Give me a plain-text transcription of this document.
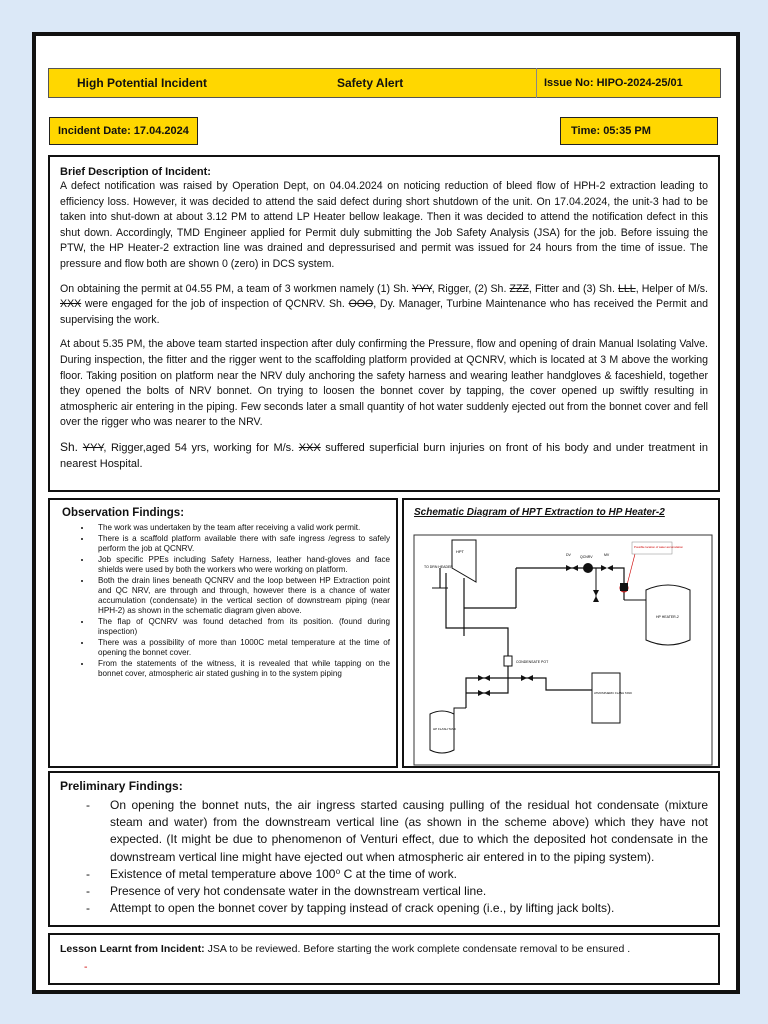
High Potential Incident	Safety Alert	Issue No: HIPO-2024-25/01
Incident Date: 17.04.2024	Time: 05:35 PM
Brief Description of Incident:

A defect notification was raised by Operation Dept, on 04.04.2024 on noticing reduction of bleed flow of HPH-2 extraction leading to efficiency loss. However, it was decided to attend the said defect during short shutdown of the unit. On 17.04.2024, the unit-3 had to be taken into shut-down at about 3.12 PM to attend LP Heater bellow leakage. Then it was decided to attend the notification defect in this shut down. Accordingly, TMD Engineer applied for Permit duly submitting the Job Safety Analysis (JSA) for the job. Before issuing the PTW, the HP Heater-2 extraction line was drained and depressurised and permit was issued for 24 hours from the time of issue. The pressure and flow both are shown 0 (zero) in DCS system.

On obtaining the permit at 04.55 PM, a team of 3 workmen namely (1) Sh. YYY, Rigger, (2) Sh. ZZZ, Fitter and (3) Sh. LLL, Helper of M/s. XXX were engaged for the job of inspection of QCNRV. Sh. OOO, Dy. Manager, Turbine Maintenance who has received the Permit and supervising the work.

At about 5.35 PM, the above team started inspection after duly confirming the Pressure, flow and opening of drain Manual Isolating Valve. During inspection, the fitter and the rigger went to the scaffolding platform provided at QCNRV, which is located at 3 M above the working floor. Taking position on platform near the NRV duly anchoring the safety harness and wearing leather handgloves & faceshield, together they opened the bolts of NRV bonnet. On trying to loosen the bonnet cover by tapping, the cover opened up swiftly resulting in atmospheric air entering in the piping. Few seconds later a small quantity of hot water suddenly ejected out from the bonnet cover and fell over the rigger who was nearer to the NRV.

Sh. YYY, Rigger,aged 54 yrs, working for M/s. XXX suffered superficial burn injuries on front of his body and under treatment in nearest Hospital.

Observation Findings:
• The work was undertaken by the team after receiving a valid work permit.
• There is a scaffold platform available there with safe ingress /egress to safely perform the job at QCNRV.
• Job specific PPEs including Safety Harness, leather hand-gloves and face shields were used by both the workers who were working on platform.
• Both the drain lines beneath QCNRV and the loop between HP Extraction point and QC NRV, are through and through, however there is a chance of water accumulation (condensate) in the vertical section of downstream piping (near HPH-2) as shown in the schematic diagram given above.
• The flap of QCNRV was found detached from its position. (found during inspection)
• There was a possibility of more than 1000C metal temperature at the time of opening the bonnet cover.
• From the statements of the witness, it is revealed that while tapping on the bonnet cover, atmospheric air stated gushing in to the system piping
Schematic Diagram of HPT Extraction to HP Heater-2
HPT
TO DRN HEADER
QCNRV
DV	MV
Possible location of water accumulation
HP HEATER-2
CONDENSATE POT
ATMOSPHERIC FLASH TANK
HP FLASH TANK
Preliminary Findings:
- On opening the bonnet nuts, the air ingress started causing pulling of the residual hot condensate (mixture steam and water) from the downstream vertical line (as shown in the scheme above) which they have not expected. (It might be due to phenomenon of Venturi effect, due to which the deposited hot condensate in the downstream vertical line might have ejected out when atmospheric air entered in to the piping system).
- Existence of metal temperature above 100⁰ C at the time of work.
- Presence of very hot condensate water in the downstream vertical line.
- Attempt to open the bonnet cover by tapping instead of crack opening (i.e., by lifting jack bolts).
Lesson Learnt from Incident: JSA to be reviewed. Before starting the work complete condensate removal to be ensured .
-
